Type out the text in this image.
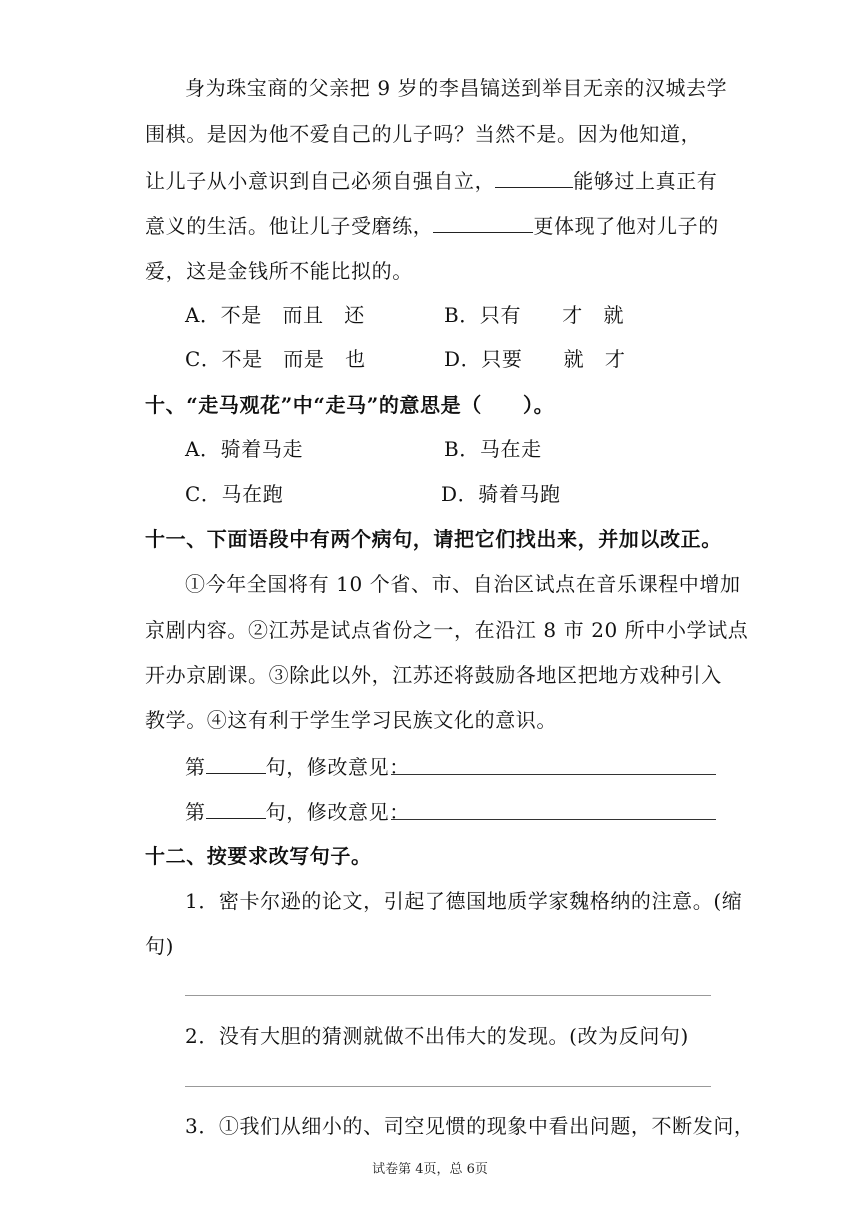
身为珠宝商的父亲把 9 岁的李昌镐送到举目无亲的汉城去学
围棋。是因为他不爱自己的儿子吗？当然不是。因为他知道，
让儿子从小意识到自己必须自强自立，	能够过上真正有
意义的生活。他让儿子受磨练，	更体现了他对儿子的
爱，这是金钱所不能比拟的。
A．不是　而且　还	B．只有　　才　就
C．不是　而是　也	D．只要　　就　才
十、“走马观花”中“走马”的意思是（　　）。
A．骑着马走	B．马在走
C．马在跑	D．骑着马跑
十一、下面语段中有两个病句，请把它们找出来，并加以改正。
①今年全国将有 10 个省、市、自治区试点在音乐课程中增加
京剧内容。②江苏是试点省份之一，在沿江 8 市 20 所中小学试点
开办京剧课。③除此以外，江苏还将鼓励各地区把地方戏种引入
教学。④这有利于学生学习民族文化的意识。
第	句，修改意见：
第	句，修改意见：
十二、按要求改写句子。
1．密卡尔逊的论文，引起了德国地质学家魏格纳的注意。(缩
句)
2．没有大胆的猜测就做不出伟大的发现。(改为反问句)
3．①我们从细小的、司空见惯的现象中看出问题，不断发问，
试卷第 4页，总 6页
